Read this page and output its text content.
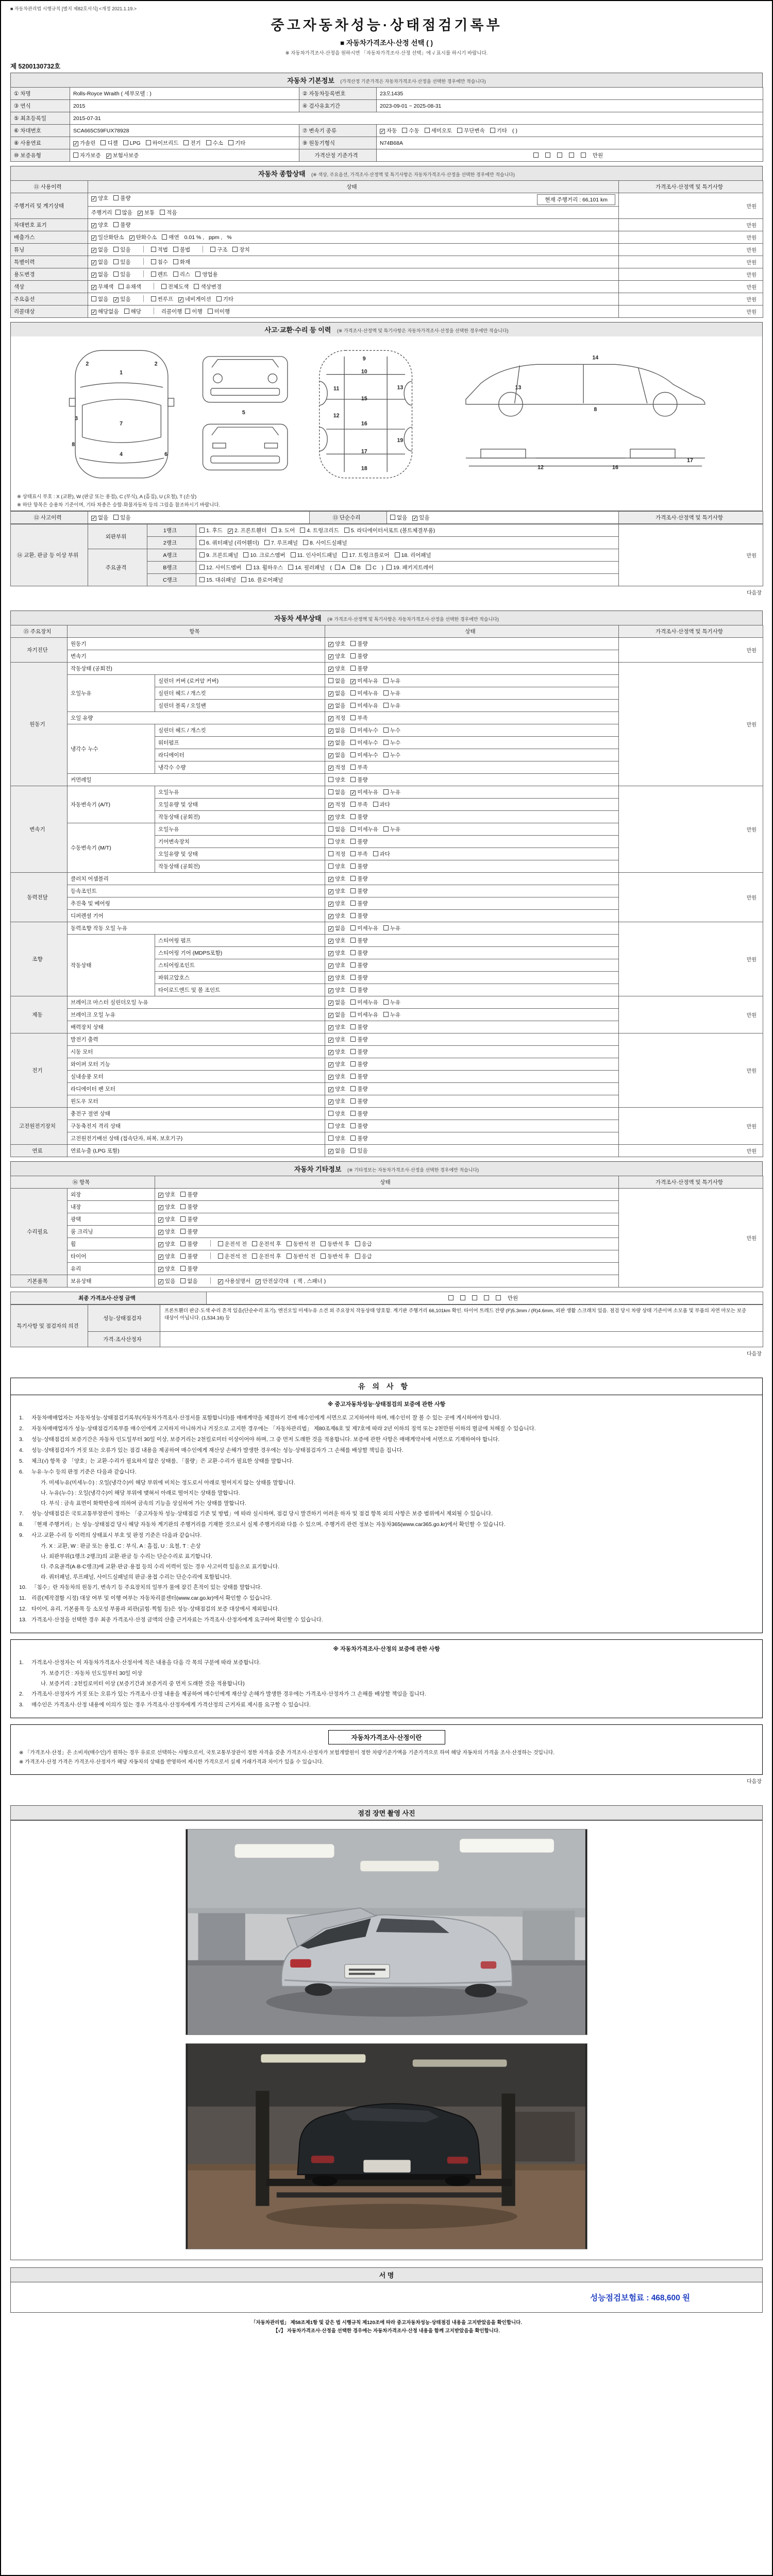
■ 자동차관리법 시행규칙 [별지 제82호서식] <개정 2021.1.19.>
중고자동차성능·상태점검기록부
■ 자동차가격조사·산정 선택 ( )
※ 자동차가격조사·산정을 원하시면 「자동차가격조사·산정 선택」에 √ 표시를 하시기 바랍니다.
제 5200130732호
자동차 기본정보 (가격산정 기준가격은 자동차가격조사·산정을 선택한 경우에만 적습니다)
① 차명	Rolls-Royce Wraith ( 세부모델 : )	② 자동차등록번호	23오1435
③ 연식	2015	④ 검사유효기간	2023-09-01 ~ 2025-08-31
⑤ 최초등록일	2015-07-31		
⑥ 차대번호	SCA665C59FUX78928	⑦ 변속기 종류	✓ 자동 수동 세미오토 무단변속 기타 ( )
⑧ 사용연료	✓ 가솔린 디젤 LPG 하이브리드 전기 수소 기타	⑨ 원동기형식	N74B68A
⑩ 보증유형	자가보증 ✓ 보험사보증	가격산정 기준가격	만원
자동차 종합상태 (※ 색상, 주요옵션, 가격조사·산정액 및 특기사항은 자동차가격조사·산정을 선택한 경우에만 적습니다)
⑪ 사용이력	상태	가격조사·산정액 및 특기사항
주행거리 및 계기상태	✓ 양호 불량 현재 주행거리 : 66,101 km	만원
	주행거리 많음 ✓ 보통 적음	
차대번호 표기	✓ 양호 불량	만원
배출가스	✓ 일산화탄소 ✓ 탄화수소 매연 0.01 % , ppm , %	만원
튜닝	✓ 없음 있음 적법 불법 구조 장치	만원
특별이력	✓ 없음 있음 침수 화재	만원
용도변경	✓ 없음 있음 렌트 리스 영업용	만원
색상	✓ 무채색 유채색 전체도색 색상변경	만원
주요옵션	없음 ✓ 있음 썬루프 ✓ 네비게이션 기타	만원
리콜대상	✓ 해당없음 해당 리콜이행 이행 미이행	만원
사고·교환·수리 등 이력 (※ 가격조사·산정액 및 특기사항은 자동차가격조사·산정을 선택한 경우에만 적습니다)
1
2	2
3
7
4	6
8
5
9
10
11
15
13
12
16
19
17
18
14
13
8
12	16
17
※ 상태표시 부호 : X (교환), W (판금 또는 용접), C (부식), A (흠집), U (요철), T (손상)
※ 하단 항목은 승용차 기준이며, 기타 차종은 승합·화물자동차 등의 그림을 참조하시기 바랍니다.
⑫ 사고이력	✓ 없음 있음	⑬ 단순수리	없음 ✓ 있음	가격조사·산정액 및 특기사항
⑭ 교환, 판금 등 이상 부위	외판부위	1랭크	1. 후드 ✓ 2. 프론트휀더 3. 도어 4. 트렁크리드 5. 라디에이터서포트 (볼트체결부품)	만원
		2랭크	6. 쿼터패널 (리어휀더) 7. 루프패널 8. 사이드실패널	
	주요골격	A랭크	9. 프론트패널 10. 크로스멤버 11. 인사이드패널 17. 트렁크플로어 18. 리어패널	
		B랭크	12. 사이드멤버 13. 휠하우스 14. 필러패널 ( A B C ) 19. 패키지트레이	
		C랭크	15. 대쉬패널 16. 플로어패널	
다음장
자동차 세부상태 (※ 가격조사·산정액 및 특기사항은 자동차가격조사·산정을 선택한 경우에만 적습니다)
⑮ 주요장치	항목		상태	가격조사·산정액 및 특기사항
자기진단	원동기		✓ 양호 불량	만원
	변속기		✓ 양호 불량	
원동기	작동상태 (공회전)		✓ 양호 불량	만원
	오일누유	실린더 커버 (로커암 커버)	없음 ✓ 미세누유 누유	
		실린더 헤드 / 개스킷	✓ 없음 미세누유 누유	
		실린더 블록 / 오일팬	✓ 없음 미세누유 누유	
	오일 유량		✓ 적정 부족	
	냉각수 누수	실린더 헤드 / 개스킷	✓ 없음 미세누수 누수	
		워터펌프	✓ 없음 미세누수 누수	
		라디에이터	✓ 없음 미세누수 누수	
		냉각수 수량	✓ 적정 부족	
	커먼레일		양호 불량	
변속기	자동변속기 (A/T)	오일누유	없음 ✓ 미세누유 누유	만원
		오일유량 및 상태	✓ 적정 부족 과다	
		작동상태 (공회전)	✓ 양호 불량	
	수동변속기 (M/T)	오일누유	없음 미세누유 누유	
		기어변속장치	양호 불량	
		오일유량 및 상태	적정 부족 과다	
		작동상태 (공회전)	양호 불량	
동력전달	클러치 어셈블리		✓ 양호 불량	만원
	등속조인트		✓ 양호 불량	
	추진축 및 베어링		✓ 양호 불량	
	디퍼렌셜 기어		✓ 양호 불량	
조향	동력조향 작동 오일 누유		✓ 없음 미세누유 누유	만원
	작동상태	스티어링 펌프	✓ 양호 불량	
		스티어링 기어 (MDPS포함)	✓ 양호 불량	
		스티어링조인트	✓ 양호 불량	
		파워고압호스	✓ 양호 불량	
		타이로드엔드 및 볼 조인트	✓ 양호 불량	
제동	브레이크 마스터 실린더오일 누유		✓ 없음 미세누유 누유	만원
	브레이크 오일 누유		✓ 없음 미세누유 누유	
	배력장치 상태		✓ 양호 불량	
전기	발전기 출력		✓ 양호 불량	만원
	시동 모터		✓ 양호 불량	
	와이퍼 모터 기능		✓ 양호 불량	
	실내송풍 모터		✓ 양호 불량	
	라디에이터 팬 모터		✓ 양호 불량	
	윈도우 모터		✓ 양호 불량	
고전원전기장치	충전구 절연 상태		양호 불량	만원
	구동축전지 격리 상태		양호 불량	
	고전원전기배선 상태 (접속단자, 피복, 보호기구)		양호 불량	
연료	연료누출 (LPG 포함)		✓ 없음 있음	만원
자동차 기타정보 (※ 기타정보는 자동차가격조사·산정을 선택한 경우에만 적습니다)
⑯ 항목		상태	가격조사·산정액 및 특기사항
수리필요	외장	✓ 양호 불량	만원
	내장	✓ 양호 불량	
	광택	✓ 양호 불량	
	룸 크리닝	✓ 양호 불량	
	휠	✓ 양호 불량 운전석 전 운전석 후 동반석 전 동반석 후 응급	
	타이어	✓ 양호 불량 운전석 전 운전석 후 동반석 전 동반석 후 응급	
	유리	✓ 양호 불량	
기본품목	보유상태	✓ 있음 없음 ✓ 사용설명서 ✓ 안전삼각대 ( 잭 , 스패너 )	
최종 가격조사·산정 금액	만원
특기사항 및 점검자의 의견	성능·상태점검자	프론트휀더 판금·도색 수리 흔적 있음(단순수리 표기). 엔진오일 미세누유 소견 외 주요장치 작동상태 양호함. 계기판 주행거리 66,101km 확인. 타이어 트레드 잔량 (F)5.3mm / (R)4.6mm, 외판 생활 스크래치 있음. 점검 당시 차량 상태 기준이며 소모품 및 부품의 자연 마모는 보증 대상이 아닙니다. (1,534.16) 등
	가격·조사산정자	
다음장
유의사항
※ 중고자동차성능·상태점검의 보증에 관한 사항
1.	자동차매매업자는 자동차성능·상태점검기록부(자동차가격조사·산정서를 포함합니다)를 매매계약을 체결하기 전에 매수인에게 서면으로 고지하여야 하며, 매수인이 잘 볼 수 있는 곳에 게시하여야 합니다.
2.	자동차매매업자가 성능·상태점검기록부를 매수인에게 고지하지 아니하거나 거짓으로 고지한 경우에는 「자동차관리법」 제80조제6호 및 제7호에 따라 2년 이하의 징역 또는 2천만원 이하의 벌금에 처해질 수 있습니다.
3.	성능·상태점검의 보증기간은 자동차 인도일부터 30일 이상, 보증거리는 2천킬로미터 이상이어야 하며, 그 중 먼저 도래한 것을 적용합니다. 보증에 관한 사항은 매매계약서에 서면으로 기재하여야 합니다.
4.	성능·상태점검자가 거짓 또는 오류가 있는 점검 내용을 제공하여 매수인에게 재산상 손해가 발생한 경우에는 성능·상태점검자가 그 손해를 배상할 책임을 집니다.
5.	체크(√) 항목 중 「양호」는 교환·수리가 필요하지 않은 상태를, 「불량」은 교환·수리가 필요한 상태를 말합니다.
6.	누유·누수 등의 판정 기준은 다음과 같습니다.
가. 미세누유(미세누수) : 오일(냉각수)이 해당 부위에 비치는 정도로서 아래로 떨어지지 않는 상태를 말합니다.
나. 누유(누수) : 오일(냉각수)이 해당 부위에 맺혀서 아래로 떨어지는 상태를 말합니다.
다. 부식 : 금속 표면이 화학반응에 의하여 금속의 기능을 상실하여 가는 상태를 말합니다.
7.	성능·상태점검은 국토교통부장관이 정하는 「중고자동차 성능·상태점검 기준 및 방법」에 따라 실시하며, 점검 당시 발견하기 어려운 하자 및 점검 항목 외의 사항은 보증 범위에서 제외될 수 있습니다.
8.	「현재 주행거리」는 성능·상태점검 당시 해당 자동차 계기판의 주행거리를 기재한 것으로서 실제 주행거리와 다를 수 있으며, 주행거리 관련 정보는 자동차365(www.car365.go.kr)에서 확인할 수 있습니다.
9.	사고·교환·수리 등 이력의 상태표시 부호 및 판정 기준은 다음과 같습니다.
가. X : 교환, W : 판금 또는 용접, C : 부식, A : 흠집, U : 요철, T : 손상
나. 외판부위(1랭크·2랭크)의 교환·판금 등 수리는 단순수리로 표기합니다.
다. 주요골격(A·B·C랭크)에 교환·판금·용접 등의 수리 이력이 있는 경우 사고이력 있음으로 표기합니다.
라. 쿼터패널, 루프패널, 사이드실패널의 판금·용접 수리는 단순수리에 포함됩니다.
10. 「침수」란 자동차의 원동기, 변속기 등 주요장치의 일부가 물에 잠긴 흔적이 있는 상태를 말합니다.
11. 리콜(제작결함 시정) 대상 여부 및 이행 여부는 자동차리콜센터(www.car.go.kr)에서 확인할 수 있습니다.
12. 타이어, 유리, 기본품목 등 소모성 부품과 외관(긁힘·찍힘 등)은 성능·상태점검의 보증 대상에서 제외됩니다.
13. 가격조사·산정을 선택한 경우 최종 가격조사·산정 금액의 산출 근거자료는 가격조사·산정자에게 요구하여 확인할 수 있습니다.
※ 자동차가격조사·산정의 보증에 관한 사항
1.	가격조사·산정자는 이 자동차가격조사·산정서에 적은 내용을 다음 각 목의 구분에 따라 보증합니다.
가. 보증기간 : 자동차 인도일부터 30일 이상
나. 보증거리 : 2천킬로미터 이상 (보증기간과 보증거리 중 먼저 도래한 것을 적용합니다)
2.	가격조사·산정자가 거짓 또는 오류가 있는 가격조사·산정 내용을 제공하여 매수인에게 재산상 손해가 발생한 경우에는 가격조사·산정자가 그 손해를 배상할 책임을 집니다.
3.	매수인은 가격조사·산정 내용에 이의가 있는 경우 가격조사·산정자에게 가격산정의 근거자료 제시를 요구할 수 있습니다.
자동차가격조사·산정이란
※ 「가격조사·산정」은 소비자(매수인)가 원하는 경우 유료로 선택하는 사항으로서, 국토교통부장관이 정한 자격을 갖춘 가격조사·산정자가 보험개발원이 정한 차량기준가액을 기준가격으로 하여 해당 자동차의 가격을 조사·산정하는 것입니다.
※ 가격조사·산정 가격은 가격조사·산정자가 해당 자동차의 상태를 반영하여 제시한 가격으로서 실제 거래가격과 차이가 있을 수 있습니다.
다음장
점검 장면 촬영 사진
서 명
성능점검보험료 : 468,600 원
「자동차관리법」 제58조제1항 및 같은 법 시행규칙 제120조에 따라 중고자동차성능·상태점검 내용을 고지받았음을 확인합니다.
【√】 자동차가격조사·산정을 선택한 경우에는 자동차가격조사·산정 내용을 함께 고지받았음을 확인합니다.
